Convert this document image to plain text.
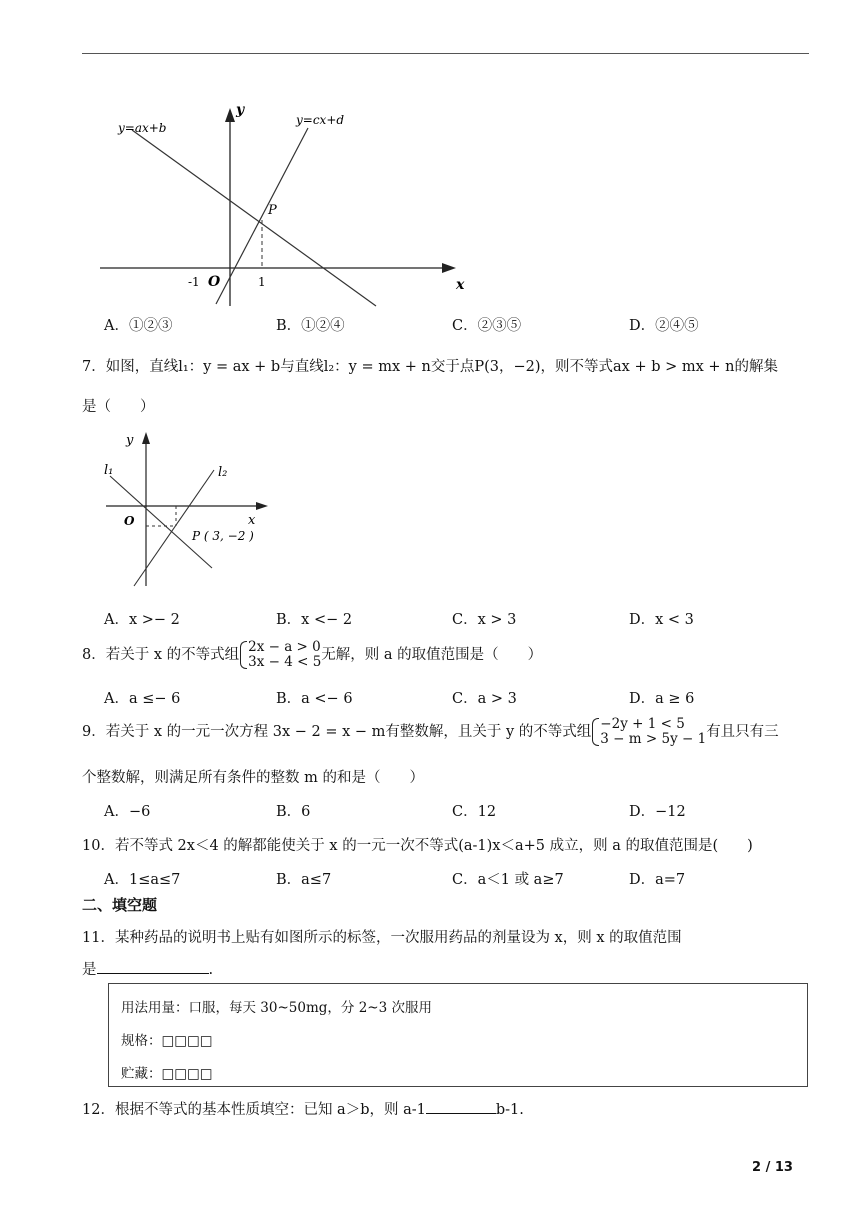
y=ax+b
y=cx+d
y
x
P
O
-1	1
A．①②③	B．①②④	C．②③⑤	D．②④⑤
7．如图，直线l₁：y = ax + b与直线l₂：y = mx + n交于点P(3，−2)，则不等式ax + b > mx + n的解集
是（　　）
y
x
O
l₁	l₂
P ( 3, −2 )
A．x >− 2	B．x <− 2	C．x > 3	D．x < 3
8．若关于 x 的不等式组 2x − a > 0
3x − 4 < 5 无解，则 a 的取值范围是（　　）
A．a ≤− 6	B．a <− 6	C．a > 3	D．a ≥ 6
9．若关于 x 的一元一次方程 3x − 2 = x − m有整数解，且关于 y 的不等式组 −2y + 1 < 5
3 − m > 5y − 1 有且只有三
个整数解，则满足所有条件的整数 m 的和是（　　）
A．−6	B．6	C．12	D．−12
10．若不等式 2x＜4 的解都能使关于 x 的一元一次不等式(a-1)x＜a+5 成立，则 a 的取值范围是(　　)
A．1≤a≤7	B．a≤7	C．a＜1 或 a≥7	D．a=7
二、填空题
11．某种药品的说明书上贴有如图所示的标签，一次服用药品的剂量设为 x，则 x 的取值范围
是	.
用法用量：口服，每天 30~50mg，分 2~3 次服用
规格：□□□□
贮藏：□□□□
12．根据不等式的基本性质填空：已知 a＞b，则 a-1	b-1.
2 / 13
